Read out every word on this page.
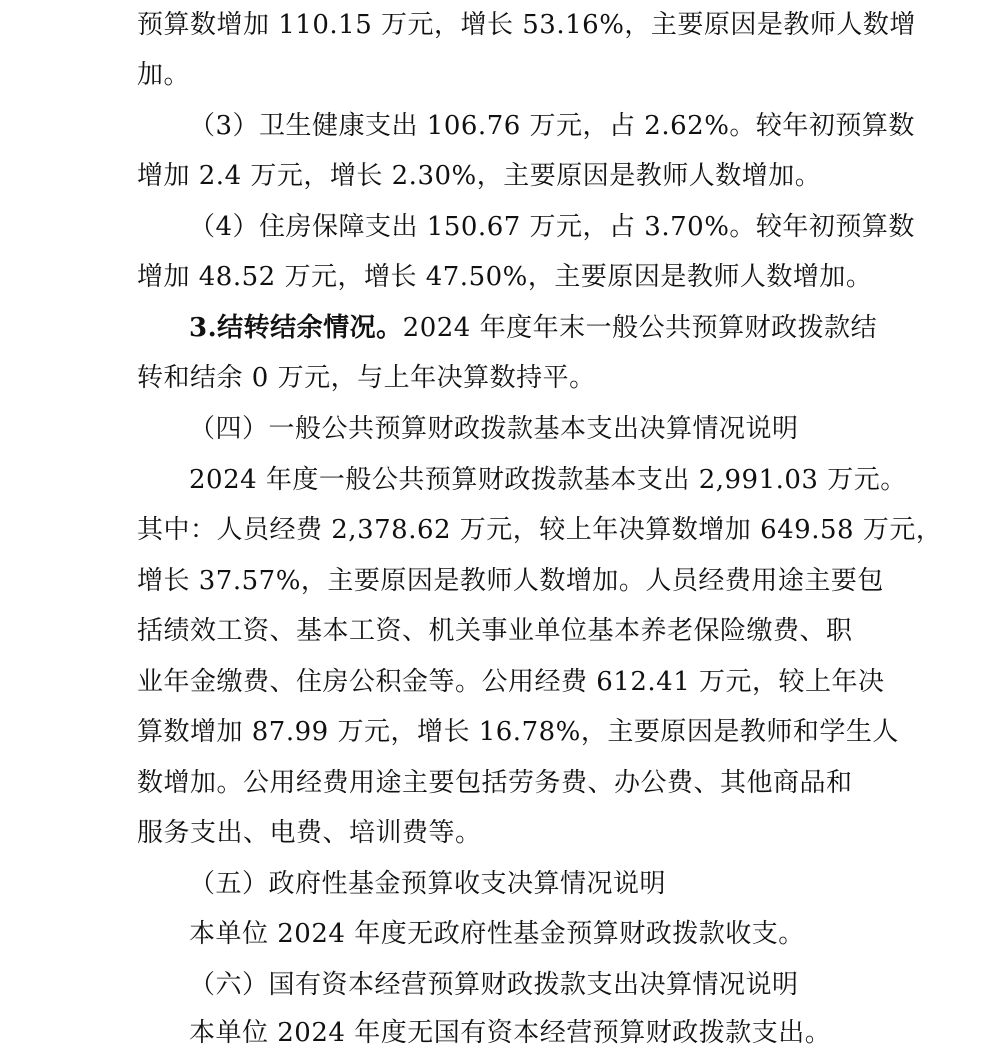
预算数增加 110.15 万元，增长 53.16%，主要原因是教师人数增
加。
（3）卫生健康支出 106.76 万元，占 2.62%。较年初预算数
增加 2.4 万元，增长 2.30%，主要原因是教师人数增加。
（4）住房保障支出 150.67 万元，占 3.70%。较年初预算数
增加 48.52 万元，增长 47.50%，主要原因是教师人数增加。
3.结转结余情况。2024 年度年末一般公共预算财政拨款结
转和结余 0 万元，与上年决算数持平。
（四）一般公共预算财政拨款基本支出决算情况说明
2024 年度一般公共预算财政拨款基本支出 2,991.03 万元。
其中：人员经费 2,378.62 万元，较上年决算数增加 649.58 万元，
增长 37.57%，主要原因是教师人数增加。人员经费用途主要包
括绩效工资、基本工资、机关事业单位基本养老保险缴费、职
业年金缴费、住房公积金等。公用经费 612.41 万元，较上年决
算数增加 87.99 万元，增长 16.78%，主要原因是教师和学生人
数增加。公用经费用途主要包括劳务费、办公费、其他商品和
服务支出、电费、培训费等。
（五）政府性基金预算收支决算情况说明
本单位 2024 年度无政府性基金预算财政拨款收支。
（六）国有资本经营预算财政拨款支出决算情况说明
本单位 2024 年度无国有资本经营预算财政拨款支出。
